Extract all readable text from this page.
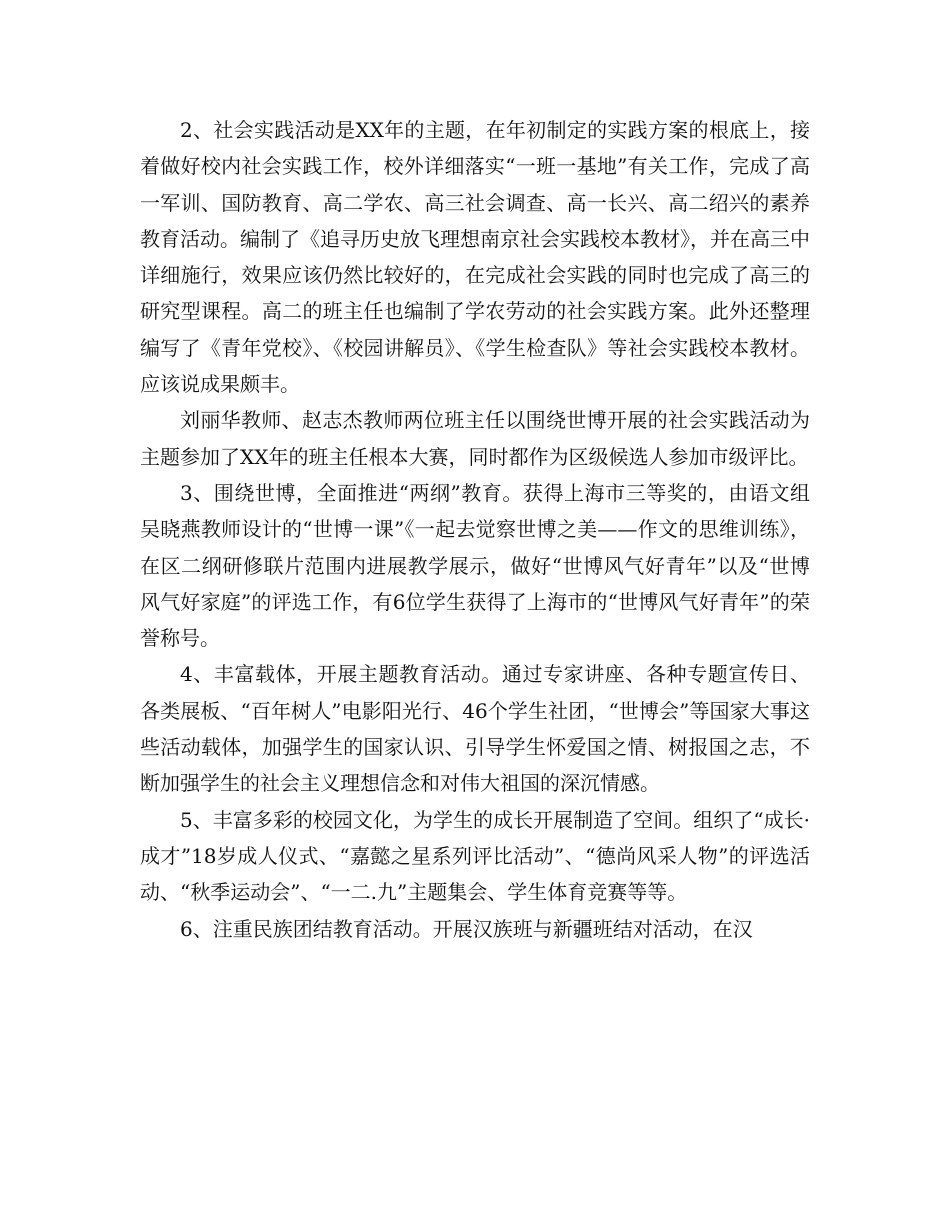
2、社会实践活动是XX年的主题，在年初制定的实践方案的根底上，接着做好校内社会实践工作，校外详细落实“一班一基地”有关工作，完成了高一军训、国防教育、高二学农、高三社会调查、高一长兴、高二绍兴的素养教育活动。编制了《追寻历史放飞理想南京社会实践校本教材》，并在高三中详细施行，效果应该仍然比较好的，在完成社会实践的同时也完成了高三的研究型课程。高二的班主任也编制了学农劳动的社会实践方案。此外还整理编写了《青年党校》、《校园讲解员》、《学生检查队》等社会实践校本教材。应该说成果颇丰。

刘丽华教师、赵志杰教师两位班主任以围绕世博开展的社会实践活动为主题参加了XX年的班主任根本大赛，同时都作为区级候选人参加市级评比。

3、围绕世博，全面推进“两纲”教育。获得上海市三等奖的，由语文组吴晓燕教师设计的“世博一课”《一起去觉察世博之美——作文的思维训练》，在区二纲研修联片范围内进展教学展示，做好“世博风气好青年”以及“世博风气好家庭”的评选工作，有6位学生获得了上海市的“世博风气好青年”的荣誉称号。

4、丰富载体，开展主题教育活动。通过专家讲座、各种专题宣传日、各类展板、“百年树人”电影阳光行、46个学生社团，“世博会”等国家大事这些活动载体，加强学生的国家认识、引导学生怀爱国之情、树报国之志，不断加强学生的社会主义理想信念和对伟大祖国的深沉情感。

5、丰富多彩的校园文化，为学生的成长开展制造了空间。组织了“成长·成才”18岁成人仪式、“嘉懿之星系列评比活动”、“德尚风采人物”的评选活动、“秋季运动会”、“一二.九”主题集会、学生体育竞赛等等。

6、注重民族团结教育活动。开展汉族班与新疆班结对活动，在汉
